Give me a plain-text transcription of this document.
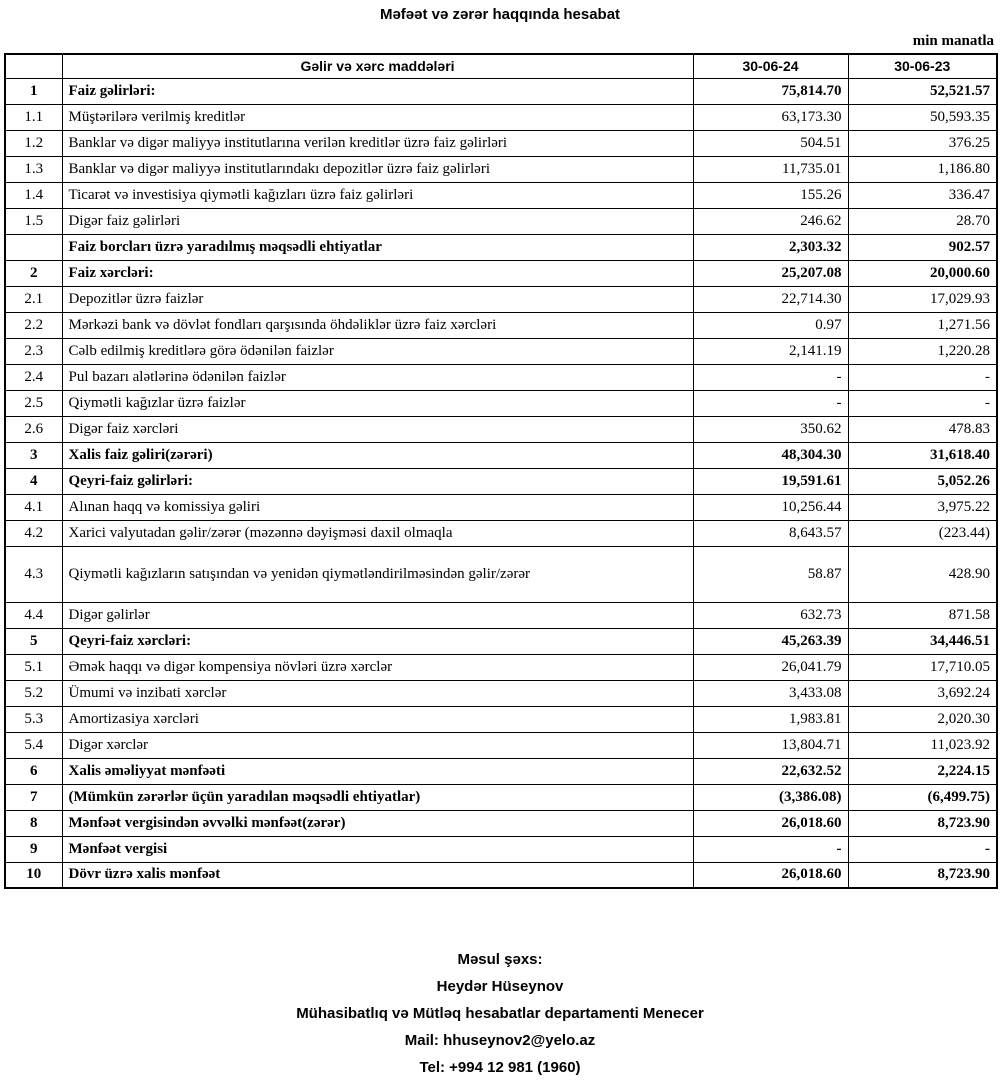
Məfəət və zərər haqqında hesabat
min manatla
	Gəlir və xərc maddələri	30-06-24	30-06-23
1	Faiz gəlirləri:	75,814.70	52,521.57
1.1	Müştərilərə verilmiş kreditlər	63,173.30	50,593.35
1.2	Banklar və digər maliyyə institutlarına verilən kreditlər üzrə faiz gəlirləri	504.51	376.25
1.3	Banklar və digər maliyyə institutlarındakı depozitlər üzrə faiz gəlirləri	11,735.01	1,186.80
1.4	Ticarət və investisiya qiymətli kağızları üzrə faiz gəlirləri	155.26	336.47
1.5	Digər faiz gəlirləri	246.62	28.70
	Faiz borcları üzrə yaradılmış məqsədli ehtiyatlar	2,303.32	902.57
2	Faiz xərcləri:	25,207.08	20,000.60
2.1	Depozitlər üzrə faizlər	22,714.30	17,029.93
2.2	Mərkəzi bank və dövlət fondları qarşısında öhdəliklər üzrə faiz xərcləri	0.97	1,271.56
2.3	Cəlb edilmiş kreditlərə görə ödənilən faizlər	2,141.19	1,220.28
2.4	Pul bazarı alətlərinə ödənilən faizlər	-	-
2.5	Qiymətli kağızlar üzrə faizlər	-	-
2.6	Digər faiz xərcləri	350.62	478.83
3	Xalis faiz gəliri(zərəri)	48,304.30	31,618.40
4	Qeyri-faiz gəlirləri:	19,591.61	5,052.26
4.1	Alınan haqq və komissiya gəliri	10,256.44	3,975.22
4.2	Xarici valyutadan gəlir/zərər (məzənnə dəyişməsi daxil olmaqla	8,643.57	(223.44)
4.3	Qiymətli kağızların satışından və yenidən qiymətləndirilməsindən gəlir/zərər	58.87	428.90
4.4	Digər gəlirlər	632.73	871.58
5	Qeyri-faiz xərcləri:	45,263.39	34,446.51
5.1	Əmək haqqı və digər kompensiya növləri üzrə xərclər	26,041.79	17,710.05
5.2	Ümumi və inzibati xərclər	3,433.08	3,692.24
5.3	Amortizasiya xərcləri	1,983.81	2,020.30
5.4	Digər xərclər	13,804.71	11,023.92
6	Xalis əməliyyat mənfəəti	22,632.52	2,224.15
7	(Mümkün zərərlər üçün yaradılan məqsədli ehtiyatlar)	(3,386.08)	(6,499.75)
8	Mənfəət vergisindən əvvəlki mənfəət(zərər)	26,018.60	8,723.90
9	Mənfəət vergisi	-	-
10	Dövr üzrə xalis mənfəət	26,018.60	8,723.90
Məsul şəxs:
Heydər Hüseynov
Mühasibatlıq və Mütləq hesabatlar departamenti Menecer
Mail: hhuseynov2@yelo.az
Tel: +994 12 981 (1960)
